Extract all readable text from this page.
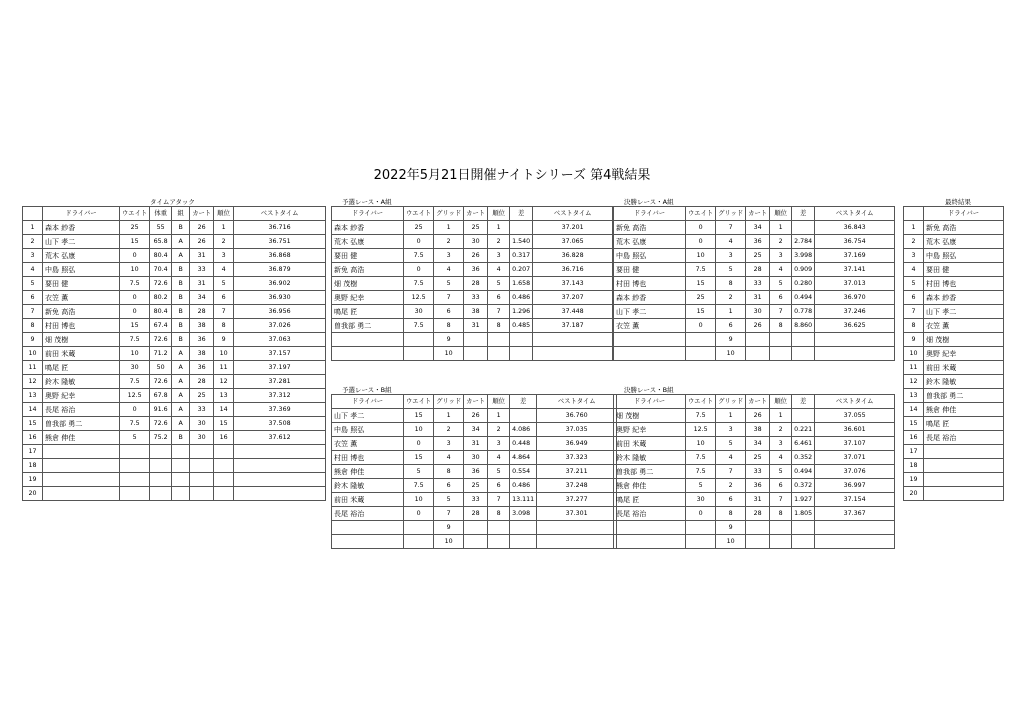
2022年5月21日開催ナイトシリーズ 第4戦結果
タイムアタック	予選レース・A組	決勝レース・A組	最終結果
予選レース・B組	決勝レース・B組
	ドライバー	ウエイト	体重	組	カート	順位	ベストタイム
1	森本 紗香	25	55	B	26	1	36.716
2	山下 孝二	15	65.8	A	26	2	36.751
3	荒木 弘康	0	80.4	A	31	3	36.868
4	中島 照弘	10	70.4	B	33	4	36.879
5	要田 健	7.5	72.6	B	31	5	36.902
6	衣笠 薫	0	80.2	B	34	6	36.930
7	新免 高浩	0	80.4	B	28	7	36.956
8	村田 博也	15	67.4	B	38	8	37.026
9	畑 茂樹	7.5	72.6	B	36	9	37.063
10	前田 米蔵	10	71.2	A	38	10	37.157
11	鳴尾 匠	30	50	A	36	11	37.197
12	鈴木 隆敏	7.5	72.6	A	28	12	37.281
13	奥野 紀幸	12.5	67.8	A	25	13	37.312
14	長尾 裕治	0	91.6	A	33	14	37.369
15	曽我部 勇二	7.5	72.6	A	30	15	37.508
16	熊倉 伸佳	5	75.2	B	30	16	37.612
17							
18							
19							
20							
ドライバー	ウエイト	グリッド	カート	順位	差	ベストタイム
森本 紗香	25	1	25	1		37.201
荒木 弘康	0	2	30	2	1.540	37.065
要田 健	7.5	3	26	3	0.317	36.828
新免 高浩	0	4	36	4	0.207	36.716
畑 茂樹	7.5	5	28	5	1.658	37.143
奥野 紀幸	12.5	7	33	6	0.486	37.207
鳴尾 匠	30	6	38	7	1.296	37.448
曽我部 勇二	7.5	8	31	8	0.485	37.187
		9				
		10				
ドライバー	ウエイト	グリッド	カート	順位	差	ベストタイム
新免 高浩	0	7	34	1		36.843
荒木 弘康	0	4	36	2	2.784	36.754
中島 照弘	10	3	25	3	3.998	37.169
要田 健	7.5	5	28	4	0.909	37.141
村田 博也	15	8	33	5	0.280	37.013
森本 紗香	25	2	31	6	0.494	36.970
山下 孝二	15	1	30	7	0.778	37.246
衣笠 薫	0	6	26	8	8.860	36.625
		9				
		10				
ドライバー	ウエイト	グリッド	カート	順位	差	ベストタイム
山下 孝二	15	1	26	1		36.760
中島 照弘	10	2	34	2	4.086	37.035
衣笠 薫	0	3	31	3	0.448	36.949
村田 博也	15	4	30	4	4.864	37.323
熊倉 伸佳	5	8	36	5	0.554	37.211
鈴木 隆敏	7.5	6	25	6	0.486	37.248
前田 米蔵	10	5	33	7	13.111	37.277
長尾 裕治	0	7	28	8	3.098	37.301
		9				
		10				
ドライバー	ウエイト	グリッド	カート	順位	差	ベストタイム
畑 茂樹	7.5	1	26	1		37.055
奥野 紀幸	12.5	3	38	2	0.221	36.601
前田 米蔵	10	5	34	3	6.461	37.107
鈴木 隆敏	7.5	4	25	4	0.352	37.071
曽我部 勇二	7.5	7	33	5	0.494	37.076
熊倉 伸佳	5	2	36	6	0.372	36.997
鳴尾 匠	30	6	31	7	1.927	37.154
長尾 裕治	0	8	28	8	1.805	37.367
		9				
		10				
	ドライバー
1	新免 高浩
2	荒木 弘康
3	中島 照弘
4	要田 健
5	村田 博也
6	森本 紗香
7	山下 孝二
8	衣笠 薫
9	畑 茂樹
10	奥野 紀幸
11	前田 米蔵
12	鈴木 隆敏
13	曽我部 勇二
14	熊倉 伸佳
15	鳴尾 匠
16	長尾 裕治
17	
18	
19	
20	
